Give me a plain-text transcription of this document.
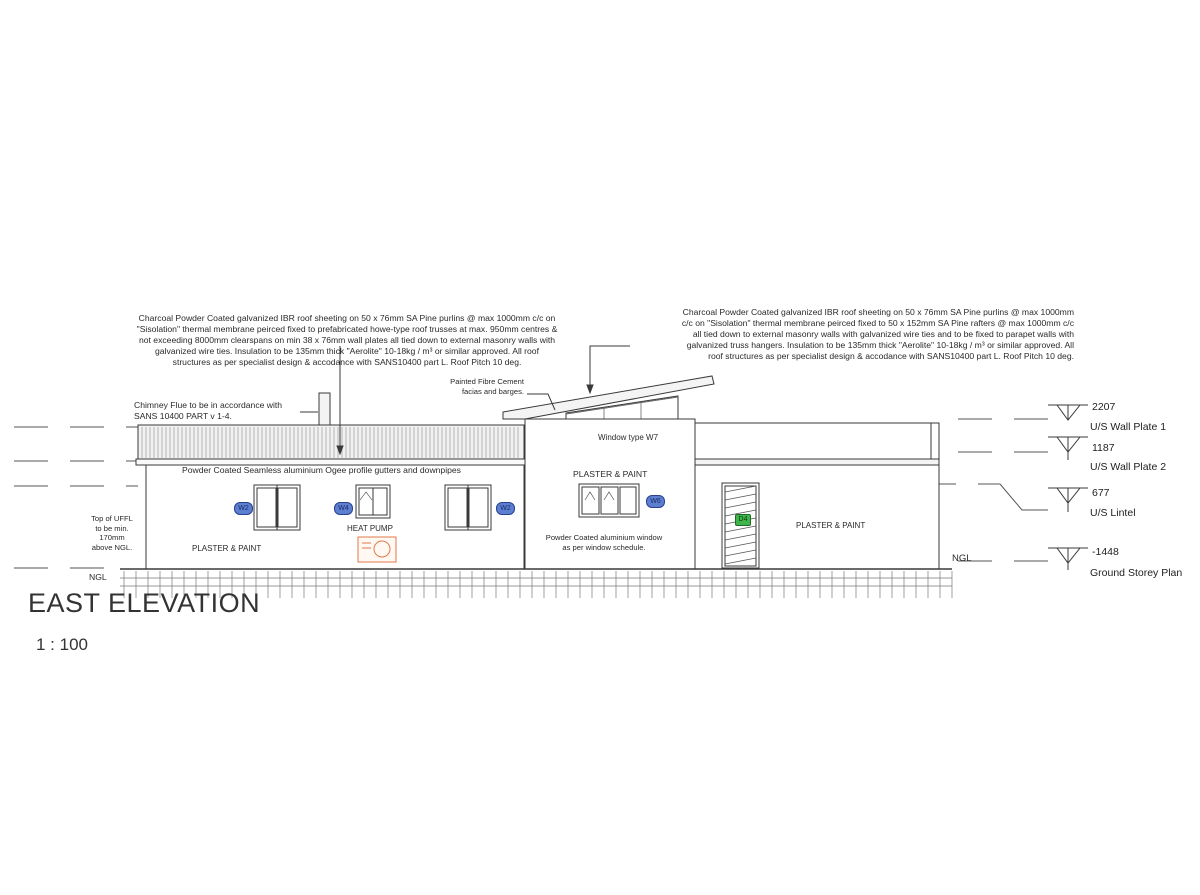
Charcoal Powder Coated galvanized IBR roof sheeting on 50 x 76mm SA Pine purlins @ max 1000mm c/c on
"Sisolation" thermal membrane peirced fixed to prefabricated howe-type roof trusses at max. 950mm centres &
not exceeding 8000mm clearspans on min 38 x 76mm wall plates all tied down to external masonry walls with
galvanized wire ties. Insulation to be 135mm thick "Aerolite" 10-18kg / m³ or similar approved. All roof
structures as per specialist design & accodance with SANS10400 part L. Roof Pitch 10 deg.
Charcoal Powder Coated galvanized IBR roof sheeting on 50 x 76mm SA Pine purlins @ max 1000mm
c/c on "Sisolation" thermal membrane peirced fixed to 50 x 152mm SA Pine rafters @ max 1000mm c/c
all tied down to external masonry walls with galvanized wire ties and to be fixed to parapet walls with
galvanized truss hangers. Insulation to be 135mm thick "Aerolite" 10-18kg / m³ or similar approved. All
roof structures as per specialist design & accodance with SANS10400 part L. Roof Pitch 10 deg.
Painted Fibre Cement
facias and barges.
Chimney Flue to be in accordance with
SANS 10400 PART v 1-4.
Powder Coated Seamless aluminium Ogee profile gutters and downpipes
Top of UFFL
to be min.
170mm
above NGL.
Window type W7
PLASTER & PAINT
PLASTER & PAINT
PLASTER & PAINT
HEAT PUMP
Powder Coated aluminium window
as per window schedule.
NGL
NGL
W2	W4	W2
W6
D4
2207
U/S Wall Plate 1
1187
U/S Wall Plate 2
677
U/S Lintel
-1448
Ground Storey Plan
EAST ELEVATION
1 : 100
